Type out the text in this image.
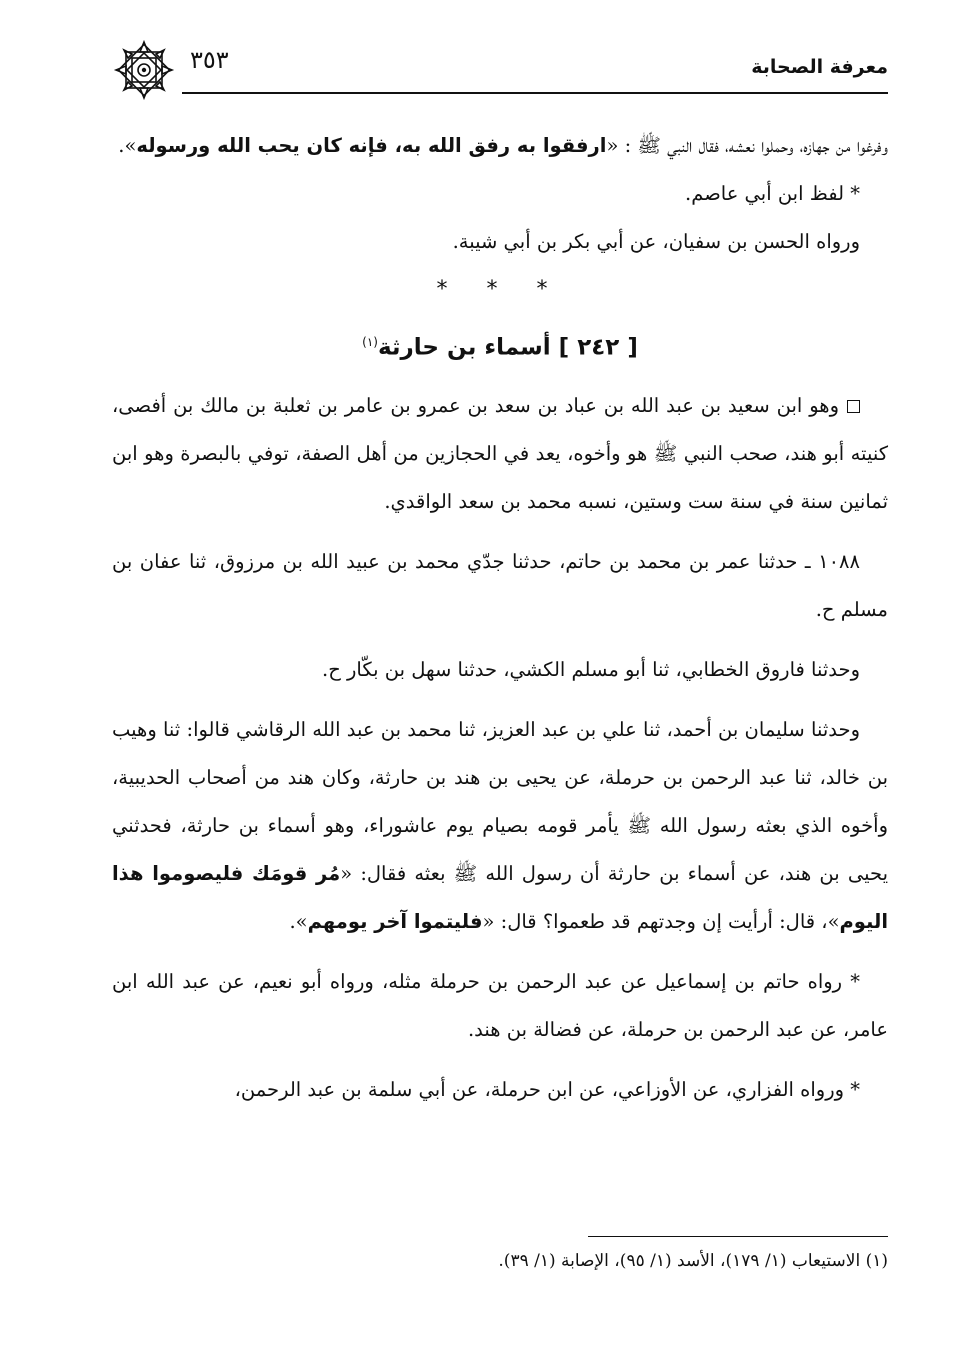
معرفة الصحابة
٣٥٣

وفرغوا من جهازه، وحملوا نعشه، فقال النبي ﷺ : «ارفقوا به رفق الله به، فإنه كان يحب الله ورسوله».

* لفظ ابن أبي عاصم.

ورواه الحسن بن سفيان، عن أبي بكر بن أبي شيبة.

* * *
[ ٢٤٢ ] أسماء بن حارثة$^{(١)}$

وهو ابن سعيد بن عبد الله بن عباد بن سعد بن عمرو بن عامر بن ثعلبة بن مالك بن أفصى، كنيته أبو هند، صحب النبي ﷺ هو وأخوه، يعد في الحجازين من أهل الصفة، توفي بالبصرة وهو ابن ثمانين سنة في سنة ست وستين، نسبه محمد بن سعد الواقدي.

١٠٨٨ ـ حدثنا عمر بن محمد بن حاتم، حدثنا جدّي محمد بن عبيد الله بن مرزوق، ثنا عفان بن مسلم ح.

وحدثنا فاروق الخطابي، ثنا أبو مسلم الكشي، حدثنا سهل بن بكّار ح.

وحدثنا سليمان بن أحمد، ثنا علي بن عبد العزيز، ثنا محمد بن عبد الله الرقاشي قالوا: ثنا وهيب بن خالد، ثنا عبد الرحمن بن حرملة، عن يحيى بن هند بن حارثة، وكان هند من أصحاب الحديبية، وأخوه الذي بعثه رسول الله ﷺ يأمر قومه بصيام يوم عاشوراء، وهو أسماء بن حارثة، فحدثني يحيى بن هند، عن أسماء بن حارثة أن رسول الله ﷺ بعثه فقال: «مُر قومَك فليصوموا هذا اليوم»، قال: أرأيت إن وجدتهم قد طعموا؟ قال: «فليتموا آخر يومهم».

* رواه حاتم بن إسماعيل عن عبد الرحمن بن حرملة مثله، ورواه أبو نعيم، عن عبد الله ابن عامر، عن عبد الرحمن بن حرملة، عن فضالة بن هند.

* ورواه الفزاري، عن الأوزاعي، عن ابن حرملة، عن أبي سلمة بن عبد الرحمن،

(١) الاستيعاب (١/ ١٧٩)، الأسد (١/ ٩٥)، الإصابة (١/ ٣٩).
